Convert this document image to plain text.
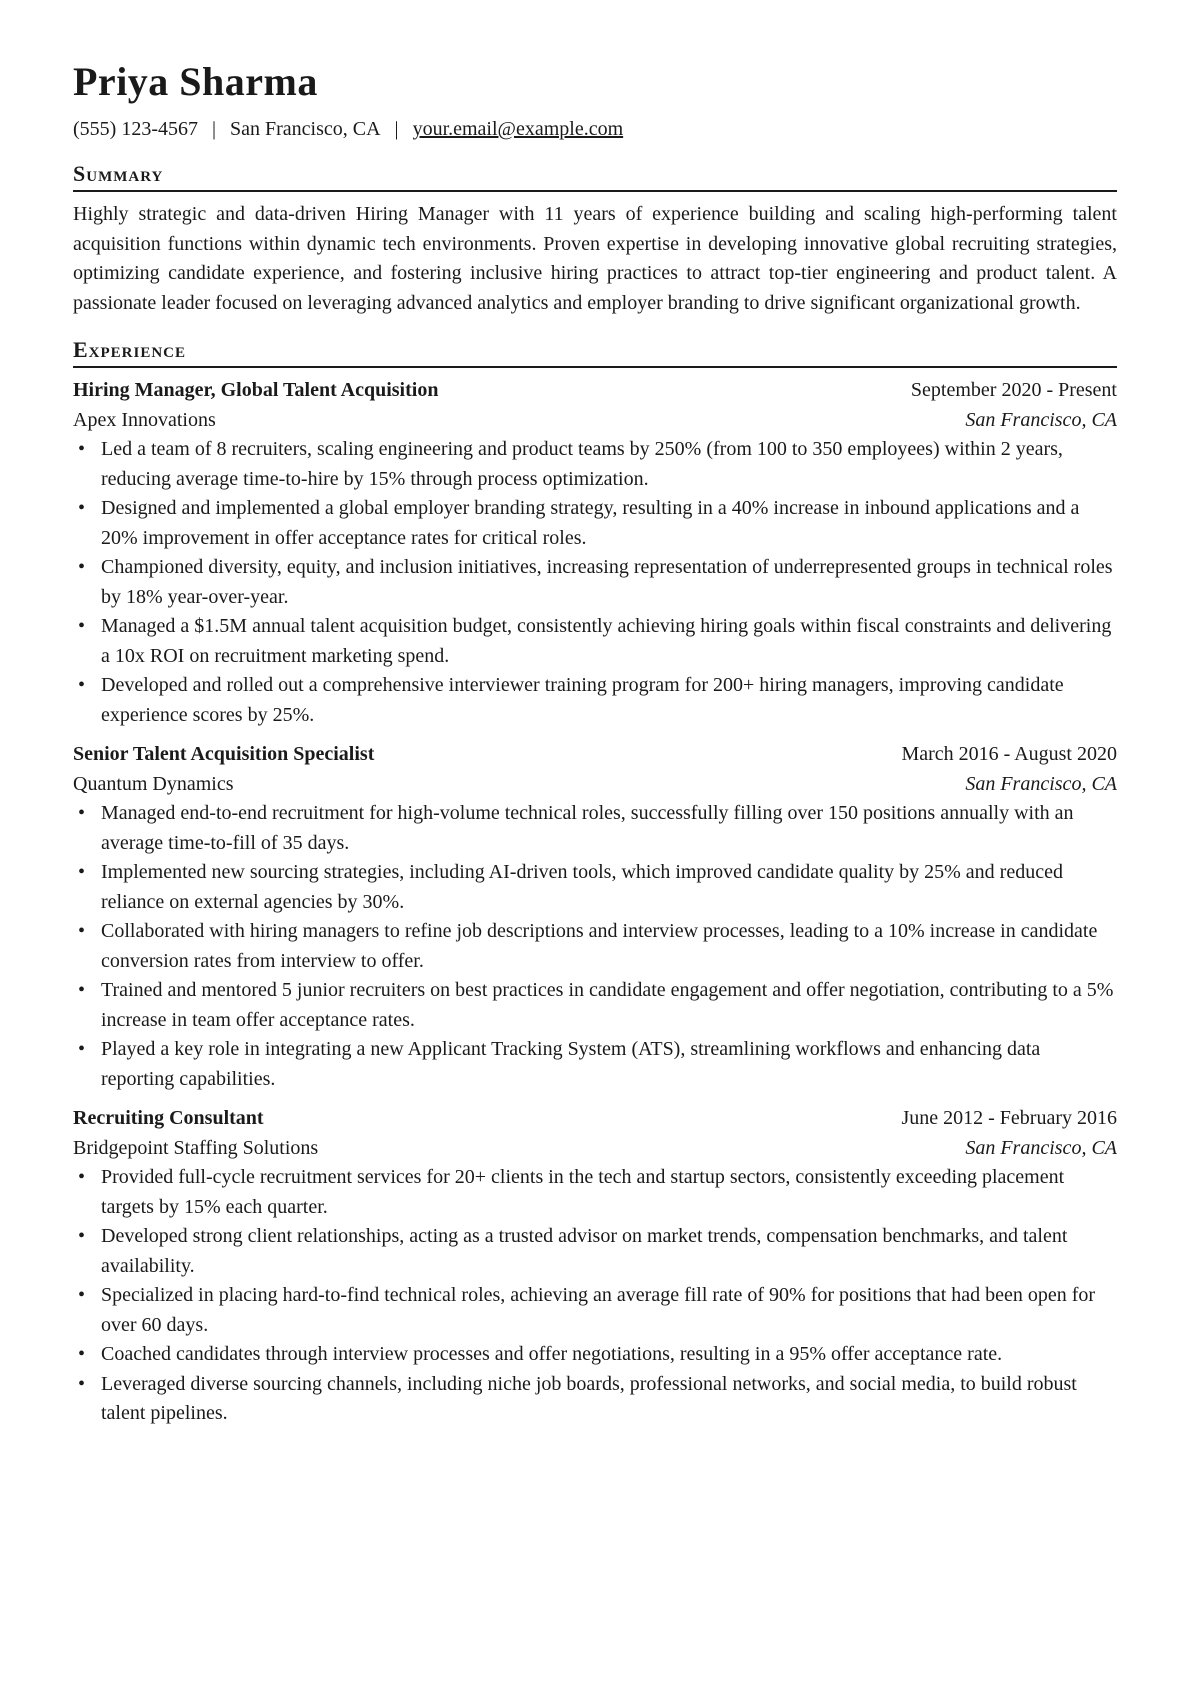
Priya Sharma
(555) 123-4567 | San Francisco, CA | your.email@example.com
Summary

Highly strategic and data-driven Hiring Manager with 11 years of experience building and scaling high-performing talent acquisition functions within dynamic tech environments. Proven expertise in developing innovative global recruiting strategies, optimizing candidate experience, and fostering inclusive hiring practices to attract top-tier engineering and product talent. A passionate leader focused on leveraging advanced analytics and employer branding to drive significant organizational growth.

Experience
Hiring Manager, Global Talent Acquisition	September 2020 - Present
Apex Innovations	San Francisco, CA
• Led a team of 8 recruiters, scaling engineering and product teams by 250% (from 100 to 350 employees) within 2 years, reducing average time-to-hire by 15% through process optimization.
• Designed and implemented a global employer branding strategy, resulting in a 40% increase in inbound applications and a 20% improvement in offer acceptance rates for critical roles.
• Championed diversity, equity, and inclusion initiatives, increasing representation of underrepresented groups in technical roles by 18% year-over-year.
• Managed a $1.5M annual talent acquisition budget, consistently achieving hiring goals within fiscal constraints and delivering a 10x ROI on recruitment marketing spend.
• Developed and rolled out a comprehensive interviewer training program for 200+ hiring managers, improving candidate experience scores by 25%.
Senior Talent Acquisition Specialist	March 2016 - August 2020
Quantum Dynamics	San Francisco, CA
• Managed end-to-end recruitment for high-volume technical roles, successfully filling over 150 positions annually with an average time-to-fill of 35 days.
• Implemented new sourcing strategies, including AI-driven tools, which improved candidate quality by 25% and reduced reliance on external agencies by 30%.
• Collaborated with hiring managers to refine job descriptions and interview processes, leading to a 10% increase in candidate conversion rates from interview to offer.
• Trained and mentored 5 junior recruiters on best practices in candidate engagement and offer negotiation, contributing to a 5% increase in team offer acceptance rates.
• Played a key role in integrating a new Applicant Tracking System (ATS), streamlining workflows and enhancing data reporting capabilities.
Recruiting Consultant	June 2012 - February 2016
Bridgepoint Staffing Solutions	San Francisco, CA
• Provided full-cycle recruitment services for 20+ clients in the tech and startup sectors, consistently exceeding placement targets by 15% each quarter.
• Developed strong client relationships, acting as a trusted advisor on market trends, compensation benchmarks, and talent availability.
• Specialized in placing hard-to-find technical roles, achieving an average fill rate of 90% for positions that had been open for over 60 days.
• Coached candidates through interview processes and offer negotiations, resulting in a 95% offer acceptance rate.
• Leveraged diverse sourcing channels, including niche job boards, professional networks, and social media, to build robust talent pipelines.
